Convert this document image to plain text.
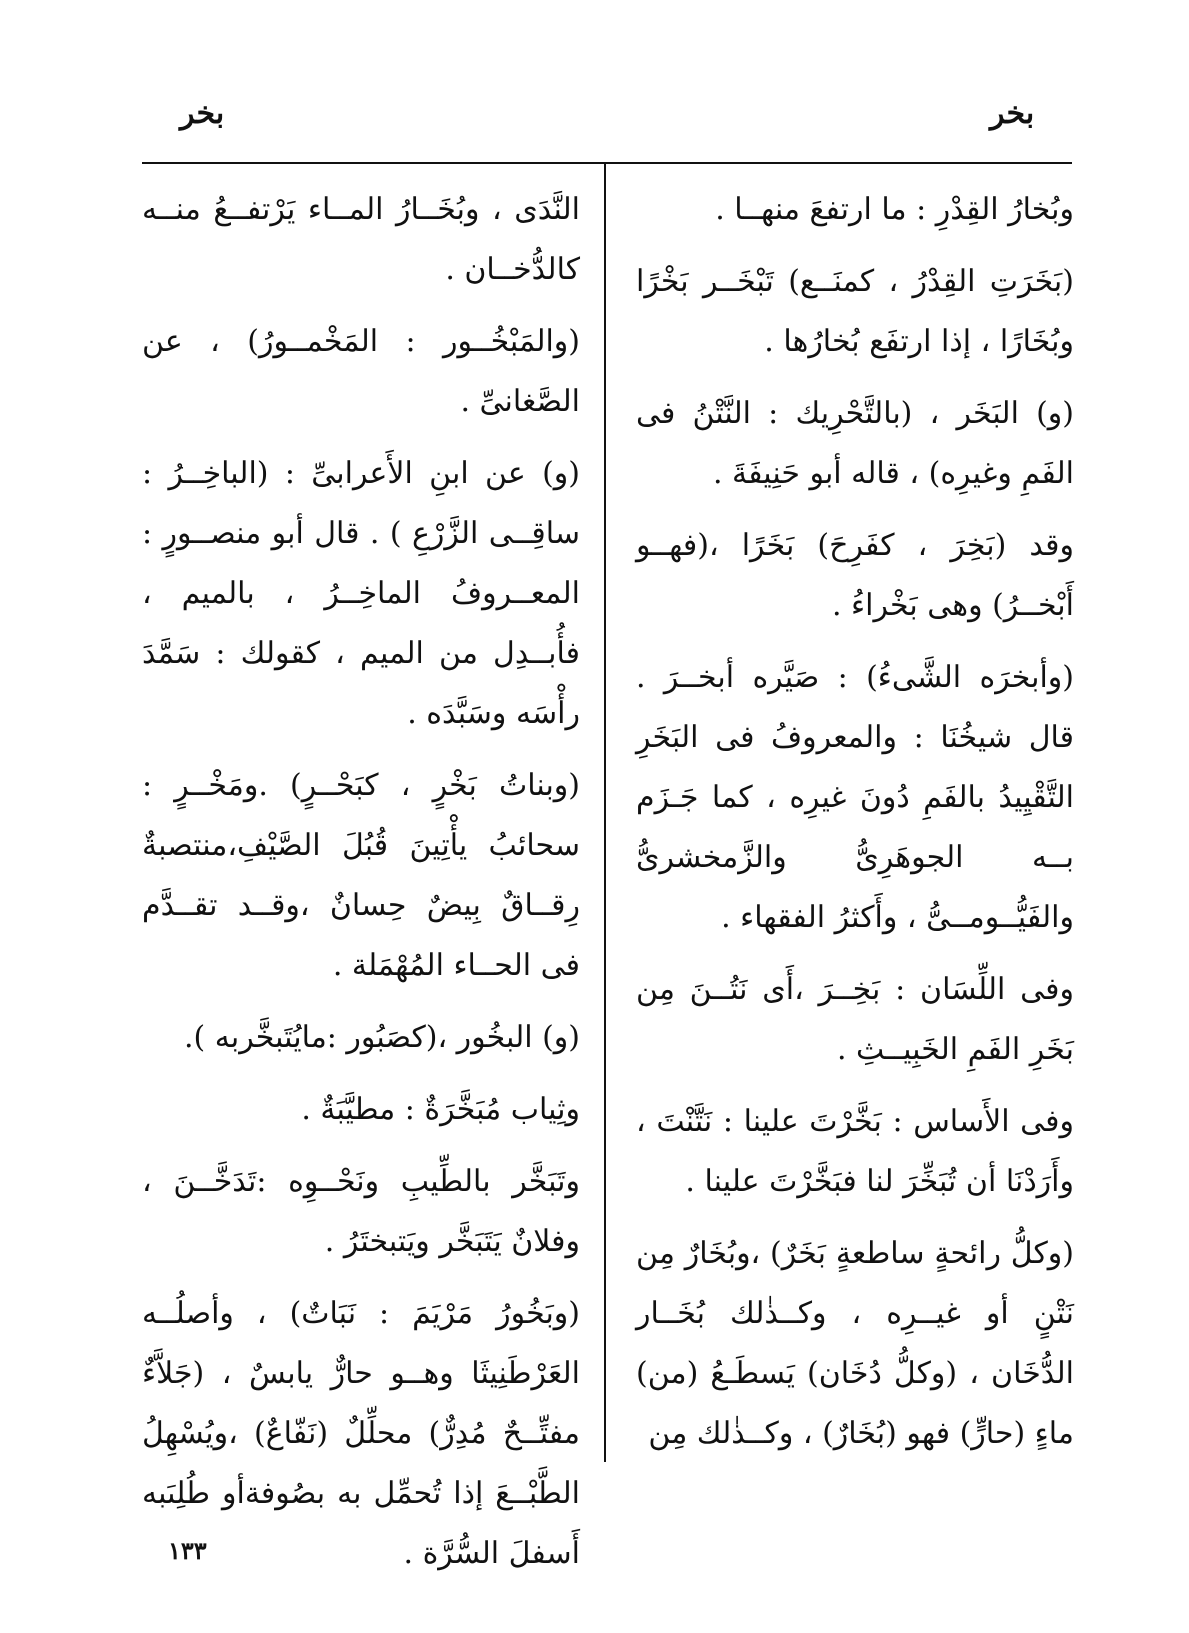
بخر
بخر

وبُخارُ القِدْرِ : ما ارتفعَ منهــا .

(بَخَرَتِ القِدْرُ ، كمنَــع) تَبْخَــر بَخْرًا وبُخَارًا ، إذا ارتفَع بُخارُها .

(و) البَخَر ، (بالتَّحْرِيك : النَّتْنُ فى الفَمِ وغيرِه) ، قاله أبو حَنِيفَةَ .

وقد (بَخِرَ ، كفَرِحَ) بَخَرًا ،(فهــو أَبْخــرُ) وهى بَخْراءُ .

(وأبخرَه الشَّىءُ) : صَيَّره أبخــرَ . قال شيخُنَا : والمعروفُ فى البَخَرِ التَّقْيِيدُ بالفَمِ دُونَ غيرِه ، كما جَـزَم بــه الجوهَرِىُّ والزَّمخشرىُّ والفَيُّــومــىُّ ، وأَكثرُ الفقهاء .

وفى اللِّسَان : بَخِــرَ ،أَى نَتُــنَ مِن بَخَرِ الفَمِ الخَبِيــثِ .

وفى الأَساس : بَخَّرْتَ علينا : نَتَّنْتَ ، وأَرَدْنَا أن تُبَخِّرَ لنا فبَخَّرْتَ علينا .

(وكلُّ رائحةٍ ساطعةٍ بَخَرٌ) ،وبُخَارٌ مِن نَتْنٍ أو غيــرِه ، وكــذٰلك بُخَــار الدُّخَان ، (وكلُّ دُخَان) يَسطَـعُ (من) ماءٍ (حارٍّ) فهو (بُخَارٌ) ، وكــذٰلك مِن

النَّدَى ، وبُخَــارُ المــاء يَرْتفــعُ منــه كالدُّخــان .

(والمَبْخُــور : المَخْمــورُ) ، عن الصَّغانىِّ .

(و) عن ابنِ الأَعرابىِّ : (الباخِــرُ : ساقِــى الزَّرْعِ ) . قال أبو منصــورٍ : المعــروفُ الماخِــرُ ، بالميم ، فأُبــدِل من الميم ، كقولك : سَمَّدَ رأْسَه وسَبَّدَه .

(وبناتُ بَخْرٍ ، كبَحْــرٍ) .ومَخْــرٍ : سحائبُ يأْتِينَ قُبُلَ الصَّيْفِ،منتصبةٌ رِقــاقٌ بِيضٌ حِسانٌ ،وقــد تقــدَّم فى الحــاء المُهْمَلة .

(و) البخُور ،(كصَبُور :مايُتَبخَّربه ).

وثِياب مُبَخَّرَةٌ : مطيَّبَةٌ .

وتَبَخَّر بالطِّيبِ ونَحْــوِه :تَدَخَّــنَ ، وفلانٌ يَتَبَخَّر ويَتبختَرُ .

(وبَخُورُ مَرْيَمَ : نَبَاتٌ) ، وأصلُــه العَرْطَنِيثَا وهــو حارٌّ يابسٌ ، (جَلاَّءٌ مفتِّــحٌ مُدِرٌّ) محلِّلٌ (نَفّاعٌ) ،ويُسْهِلُ الطَّبْــعَ إذا تُحمِّل به بصُوفةأو طُلِىَبه أَسفلَ السُّرَّة .

١٣٣
